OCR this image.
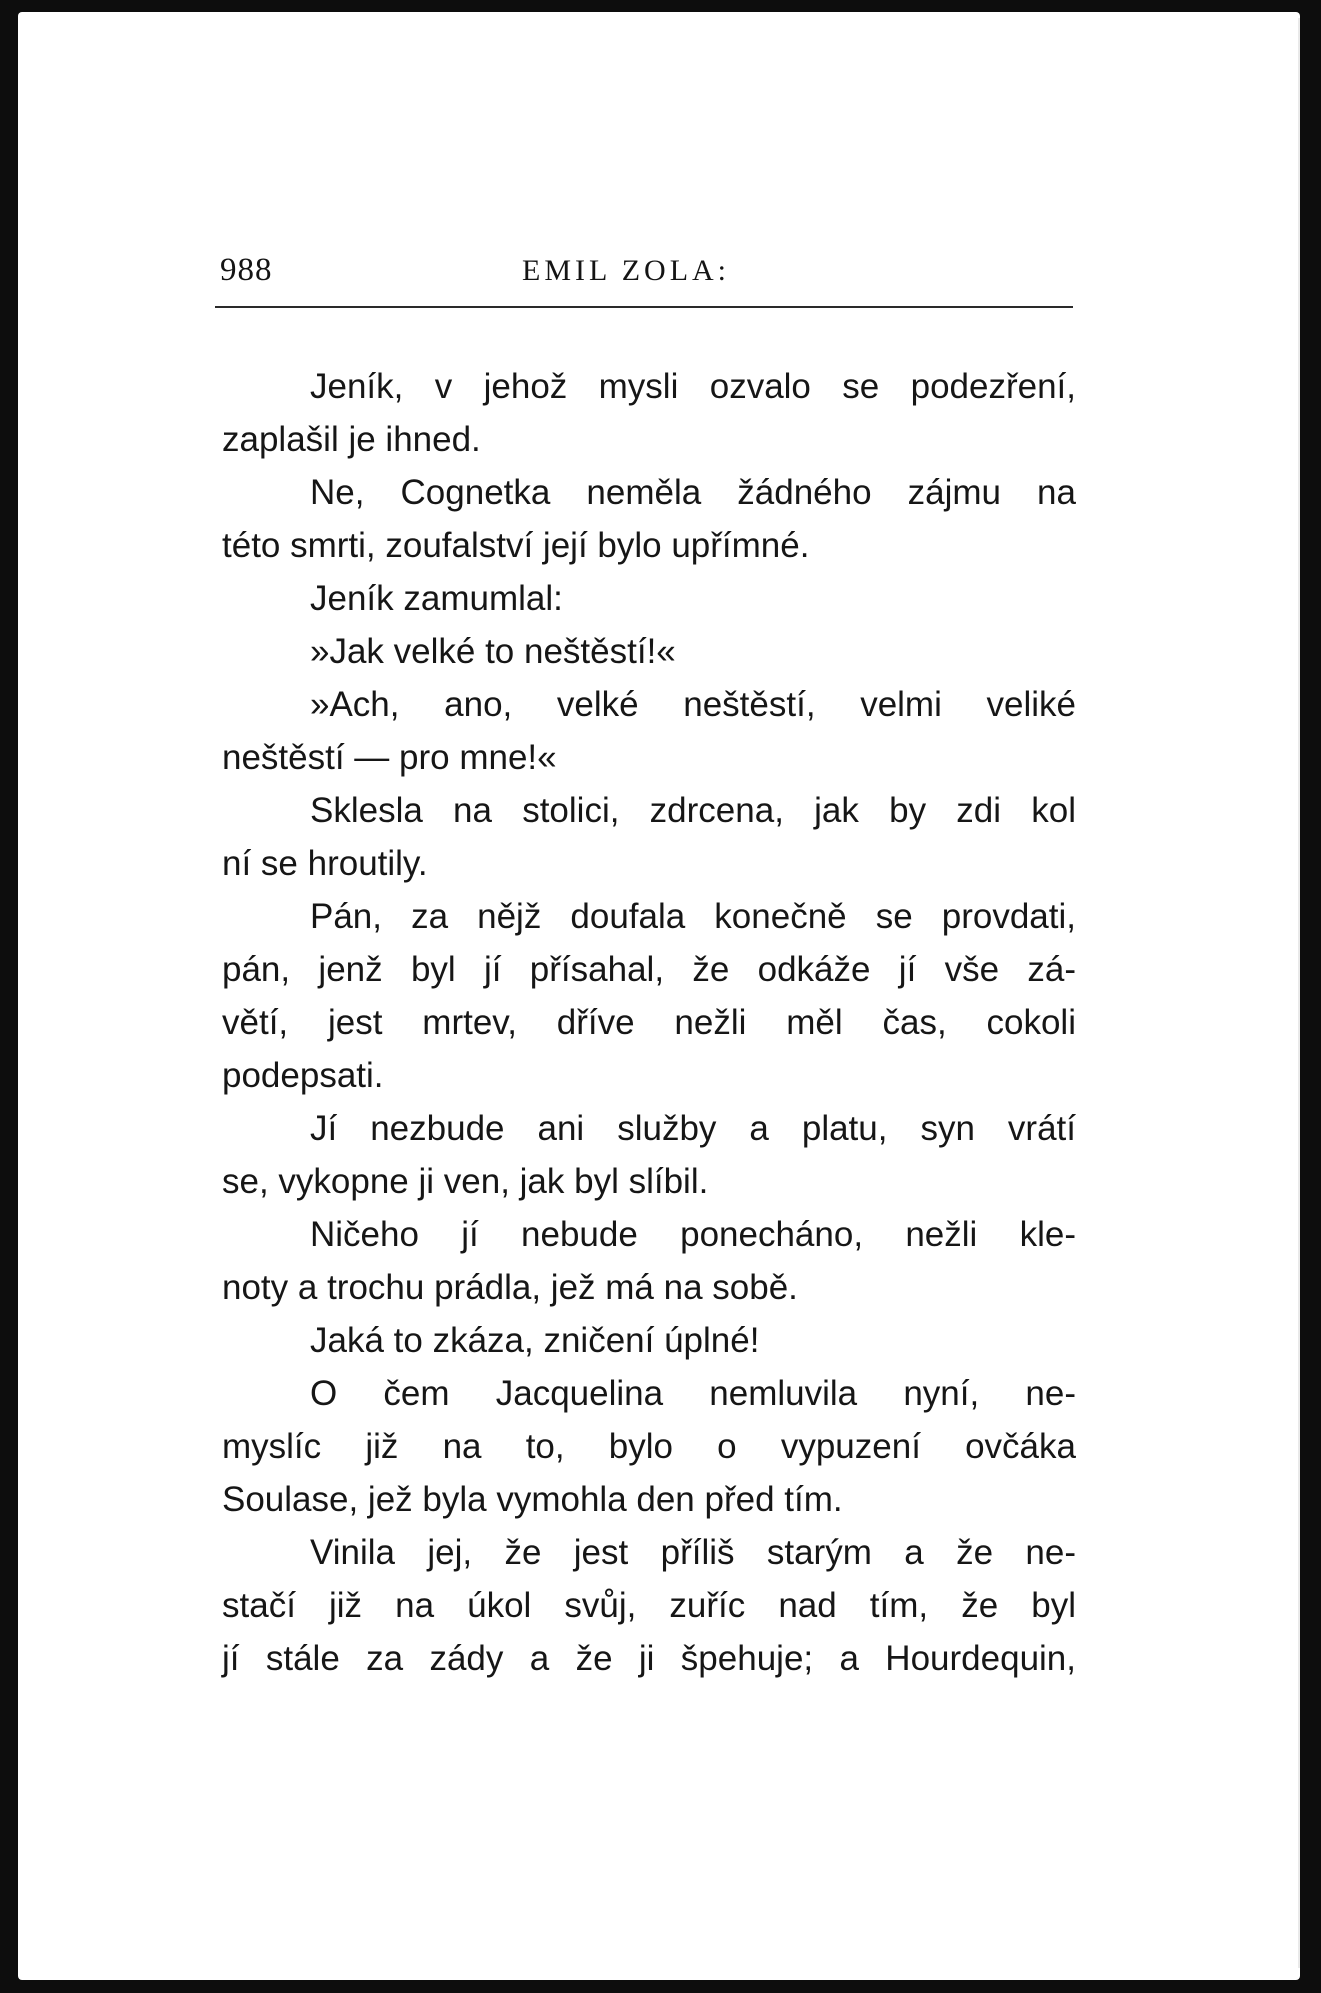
988	EMIL ZOLA:
Jeník, v jehož mysli ozvalo se podezření,
zaplašil je ihned.
Ne, Cognetka neměla žádného zájmu na
této smrti, zoufalství její bylo upřímné.
Jeník zamumlal:
»Jak velké to neštěstí!«
»Ach, ano, velké neštěstí, velmi veliké
neštěstí — pro mne!«
Sklesla na stolici, zdrcena, jak by zdi kol
ní se hroutily.
Pán, za nějž doufala konečně se provdati,
pán, jenž byl jí přísahal, že odkáže jí vše zá-
větí, jest mrtev, dříve nežli měl čas, cokoli
podepsati.
Jí nezbude ani služby a platu, syn vrátí
se, vykopne ji ven, jak byl slíbil.
Ničeho jí nebude ponecháno, nežli kle-
noty a trochu prádla, jež má na sobě.
Jaká to zkáza, zničení úplné!
O čem Jacquelina nemluvila nyní, ne-
myslíc již na to, bylo o vypuzení ovčáka
Soulase, jež byla vymohla den před tím.
Vinila jej, že jest příliš starým a že ne-
stačí již na úkol svůj, zuříc nad tím, že byl
jí stále za zády a že ji špehuje; a Hourdequin,
